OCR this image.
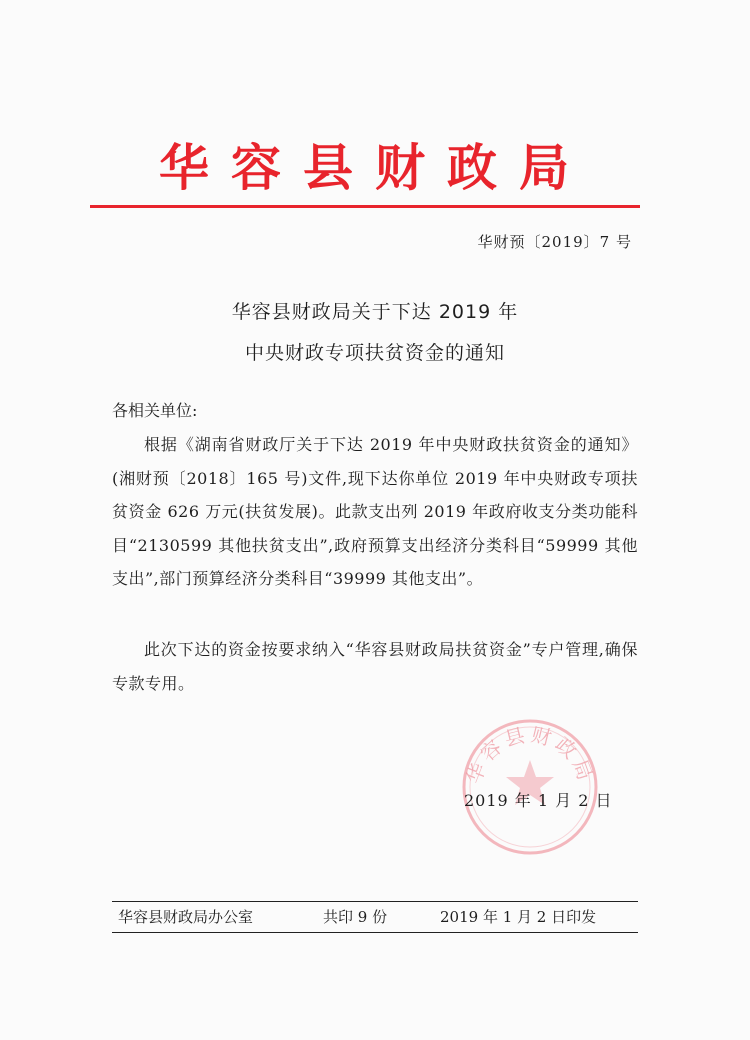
华容县财政局
华财预〔2019〕7 号
华容县财政局关于下达 2019 年
中央财政专项扶贫资金的通知
各相关单位:
根据《湖南省财政厅关于下达 2019 年中央财政扶贫资金的通知》(湘财预〔2018〕165 号)文件,现下达你单位 2019 年中央财政专项扶贫资金 626 万元(扶贫发展)。此款支出列 2019 年政府收支分类功能科目“2130599 其他扶贫支出”,政府预算支出经济分类科目“59999 其他支出”,部门预算经济分类科目“39999 其他支出”。
此次下达的资金按要求纳入“华容县财政局扶贫资金”专户管理,确保专款专用。
华容县财政局
2019 年 1 月 2 日
华容县财政局办公室	共印 9 份	2019 年 1 月 2 日印发
